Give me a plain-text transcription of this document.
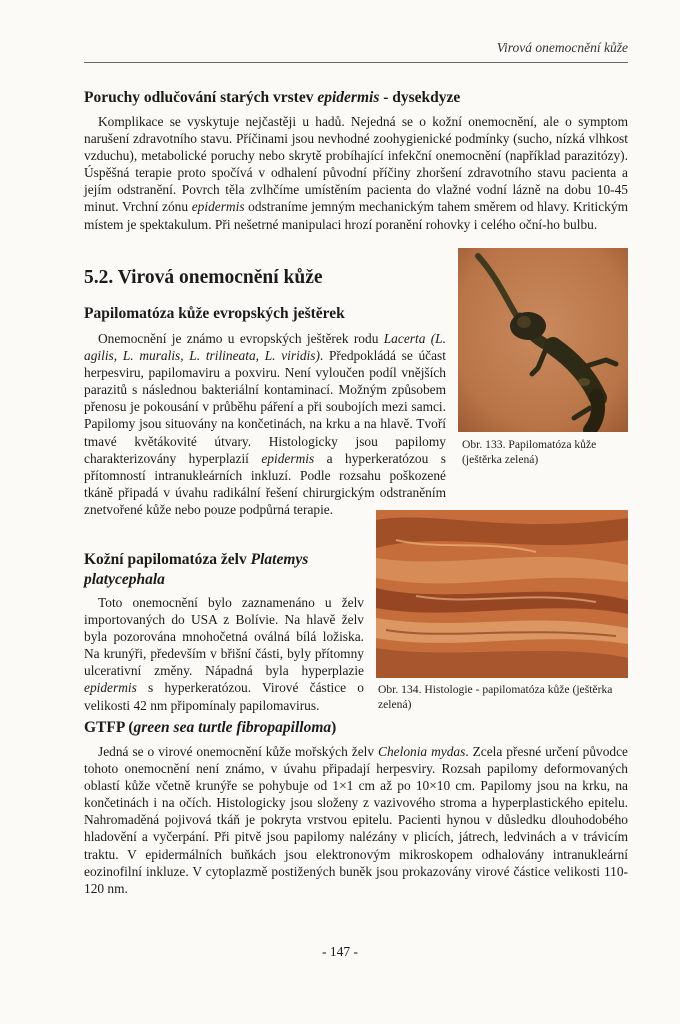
Virová onemocnění kůže
Poruchy odlučování starých vrstev epidermis - dysekdyze

Komplikace se vyskytuje nejčastěji u hadů. Nejedná se o kožní onemocnění, ale o symptom narušení zdravotního stavu. Příčinami jsou nevhodné zoohygienické podmínky (sucho, nízká vlhkost vzduchu), metabolické poruchy nebo skrytě probíhající infekční onemocnění (například parazitózy). Úspěšná terapie proto spočívá v odhalení původní příčiny zhoršení zdravotního stavu pacienta a jejím odstranění. Povrch těla zvlhčíme umístěním pacienta do vlažné vodní lázně na dobu 10-45 minut. Vrchní zónu epidermis odstraníme jemným mechanickým tahem směrem od hlavy. Kritickým místem je spektakulum. Při nešetrné manipulaci hrozí poranění rohovky i celého oční-ho bulbu.

5.2. Virová onemocnění kůže
Papilomatóza kůže evropských ještěrek

Onemocnění je známo u evropských ještěrek rodu Lacerta (L. agilis, L. muralis, L. trilineata, L. viridis). Předpokládá se účast herpesviru, papilomaviru a poxviru. Není vyloučen podíl vnějších parazitů s následnou bakteriální kontaminací. Možným způsobem přenosu je pokousání v průběhu páření a při soubojích mezi samci. Papilomy jsou situovány na končetinách, na krku a na hlavě. Tvoří tmavé květákovité útvary. Histologicky jsou papilomy charakterizovány hyperplazií epidermis a hyperkeratózou s přítomností intranukleárních inkluzí. Podle rozsahu poškozené tkáně připadá v úvahu radikální řešení chirurgickým odstraněním znetvořené kůže nebo pouze podpůrná terapie.

Obr. 133. Papilomatóza kůže (ještěrka zelená)

Obr. 134. Histologie - papilomatóza kůže (ještěrka zelená)

Kožní papilomatóza želv Platemys platycephala

Toto onemocnění bylo zaznamenáno u želv importovaných do USA z Bolívie. Na hlavě želv byla pozorována mnohočetná oválná bílá ložiska. Na krunýři, především v břišní části, byly přítomny ulcerativní změny. Nápadná byla hyperplazie epidermis s hyperkeratózou. Virové částice o velikosti 42 nm připomínaly papilomavirus.

GTFP (green sea turtle fibropapilloma)

Jedná se o virové onemocnění kůže mořských želv Chelonia mydas. Zcela přesné určení původce tohoto onemocnění není známo, v úvahu připadají herpesviry. Rozsah papilomy deformovaných oblastí kůže včetně krunýře se pohybuje od 1×1 cm až po 10×10 cm. Papilomy jsou na krku, na končetinách i na očích. Histologicky jsou složeny z vazivového stroma a hyperplastického epitelu. Nahromaděná pojivová tkáň je pokryta vrstvou epitelu. Pacienti hynou v důsledku dlouhodobého hladovění a vyčerpání. Při pitvě jsou papilomy nalézány v plicích, játrech, ledvinách a v trávicím traktu. V epidermálních buňkách jsou elektronovým mikroskopem odhalovány intranukleární eozinofilní inkluze. V cytoplazmě postižených buněk jsou prokazovány virové částice velikosti 110-120 nm.

- 147 -
